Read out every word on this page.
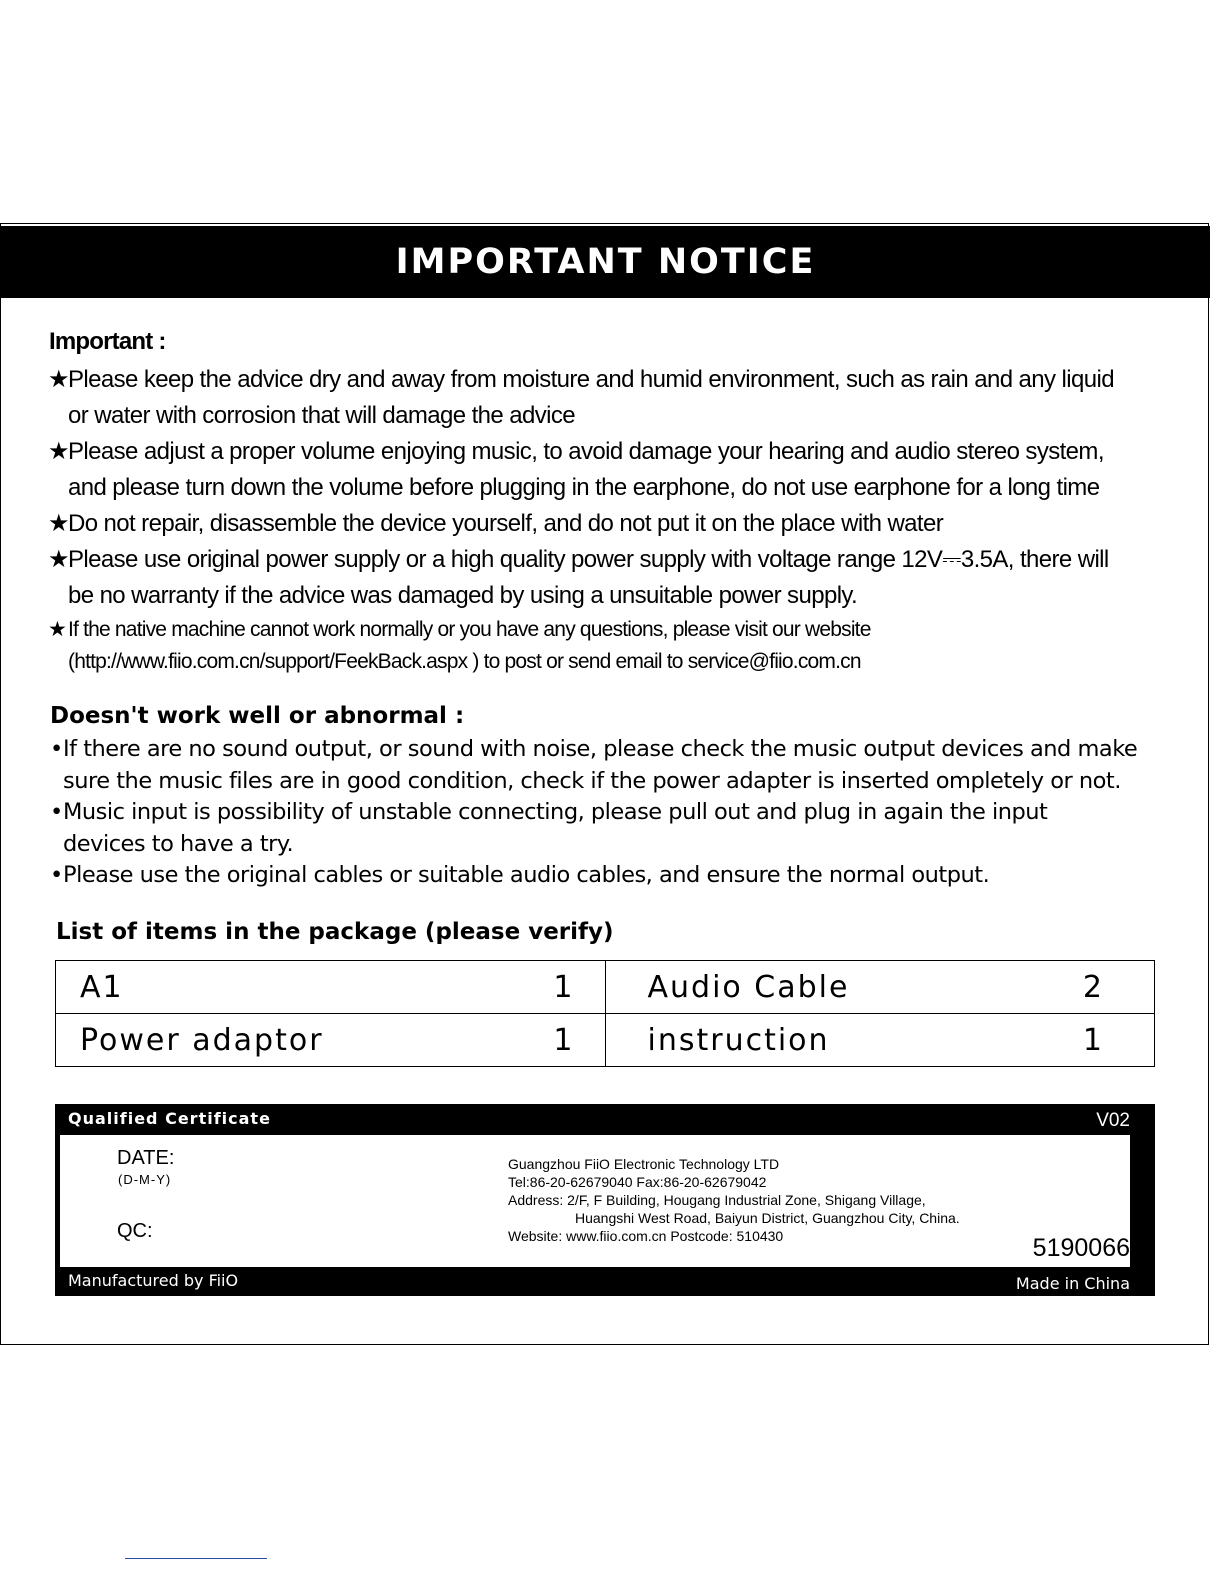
IMPORTANT NOTICE
Important :
★ Please keep the advice dry and away from moisture and humid environment, such as rain and any liquid
or water with corrosion that will damage the advice
★ Please adjust a proper volume enjoying music, to avoid damage your hearing and audio stereo system,
and please turn down the volume before plugging in the earphone, do not use earphone for a long time
★ Do not repair, disassemble the device yourself, and do not put it on the place with water
★ Please use original power supply or a high quality power supply with voltage range 12V⎓3.5A, there will
be no warranty if the advice was damaged by using a unsuitable power supply.
★ If the native machine cannot work normally or you have any questions, please visit our website
(http://www.fiio.com.cn/support/FeekBack.aspx ) to post or send email to service@fiio.com.cn
Doesn't work well or abnormal :
• If there are no sound output, or sound with noise, please check the music output devices and make
sure the music files are in good condition, check if the power adapter is inserted ompletely or not.
• Music input is possibility of unstable connecting, please pull out and plug in again the input
devices to have a try.
• Please use the original cables or suitable audio cables, and ensure the normal output.
List of items in the package (please verify)
A1 1	Audio Cable 2

Power adaptor 1	instruction 1
Qualified Certificate	V02
DATE:
(D-M-Y)
QC:
Guangzhou FiiO Electronic Technology LTD
Tel:86-20-62679040 Fax:86-20-62679042
Address: 2/F, F Building, Hougang Industrial Zone, Shigang Village,
Huangshi West Road, Baiyun District, Guangzhou City, China.
Website: www.fiio.com.cn Postcode: 510430	5190066
Manufactured by FiiO	Made in China
